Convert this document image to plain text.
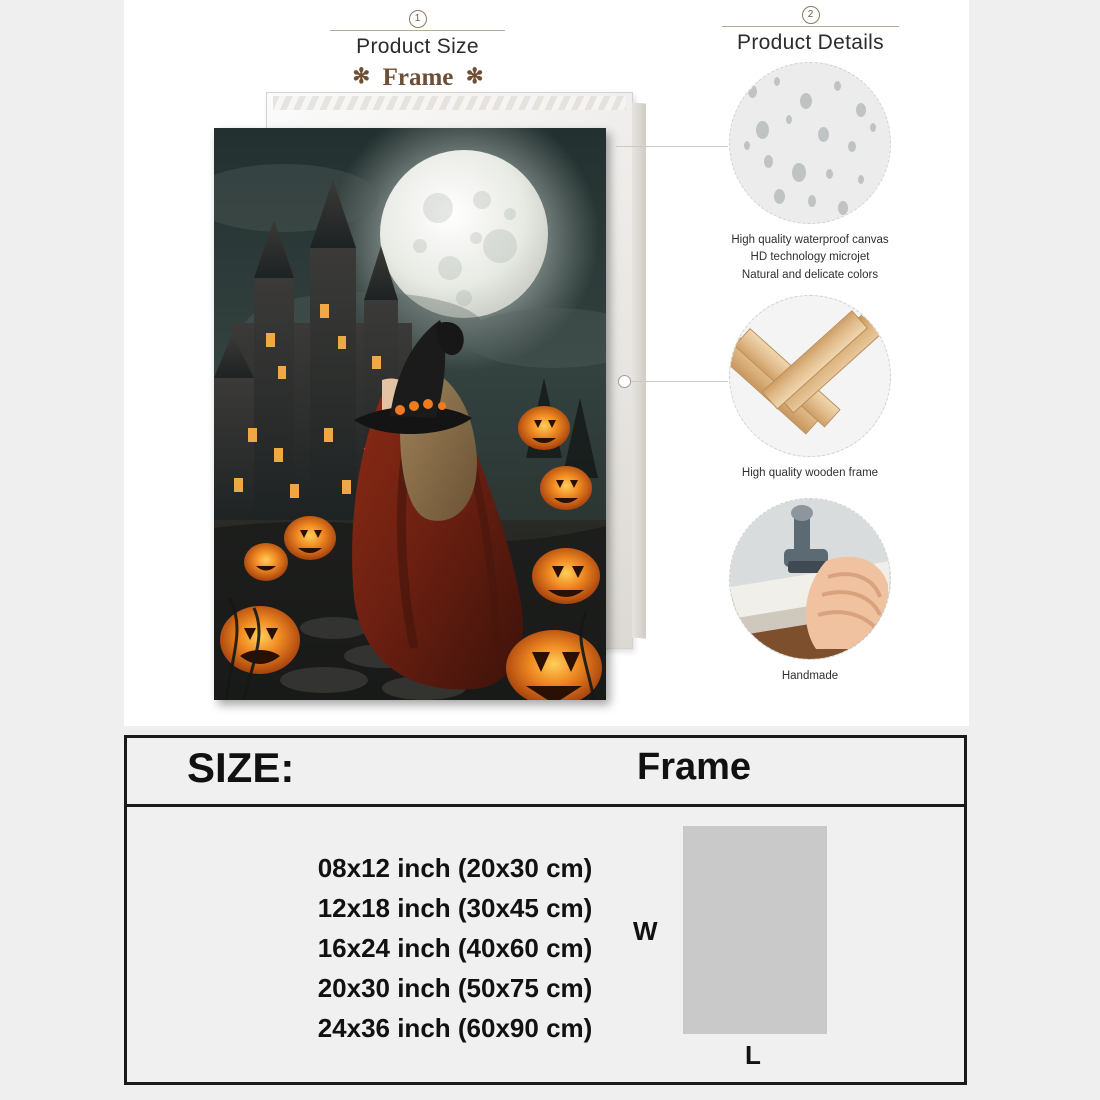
1
Product Size
2
Product Details
✻ Frame ✻
High quality waterproof canvas
HD technology microjet
Natural and delicate colors
High quality wooden frame
Handmade
SIZE:	Frame
08x12 inch (20x30 cm)
12x18 inch (30x45 cm)
16x24 inch (40x60 cm)
20x30 inch (50x75 cm)
24x36 inch (60x90 cm)
W
L
